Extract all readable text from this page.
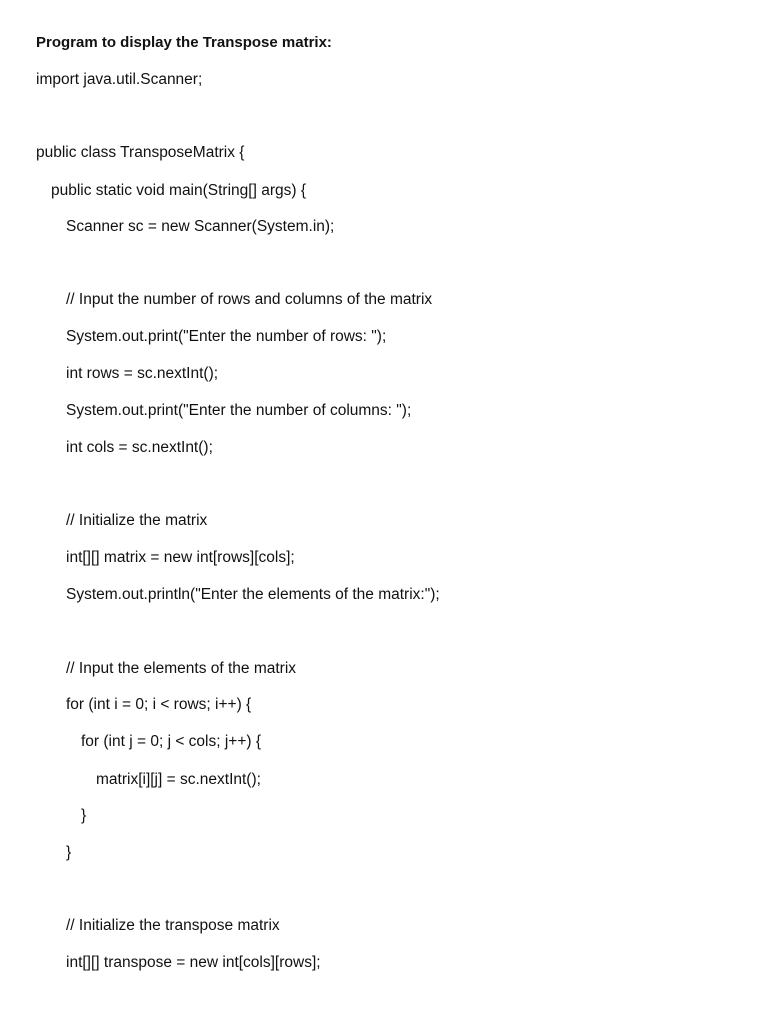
Program to display the Transpose matrix:
import java.util.Scanner;
public class TransposeMatrix {
public static void main(String[] args) {
Scanner sc = new Scanner(System.in);
// Input the number of rows and columns of the matrix
System.out.print("Enter the number of rows: ");
int rows = sc.nextInt();
System.out.print("Enter the number of columns: ");
int cols = sc.nextInt();
// Initialize the matrix
int[][] matrix = new int[rows][cols];
System.out.println("Enter the elements of the matrix:");
// Input the elements of the matrix
for (int i = 0; i < rows; i++) {
for (int j = 0; j < cols; j++) {
matrix[i][j] = sc.nextInt();
}
}
// Initialize the transpose matrix
int[][] transpose = new int[cols][rows];
